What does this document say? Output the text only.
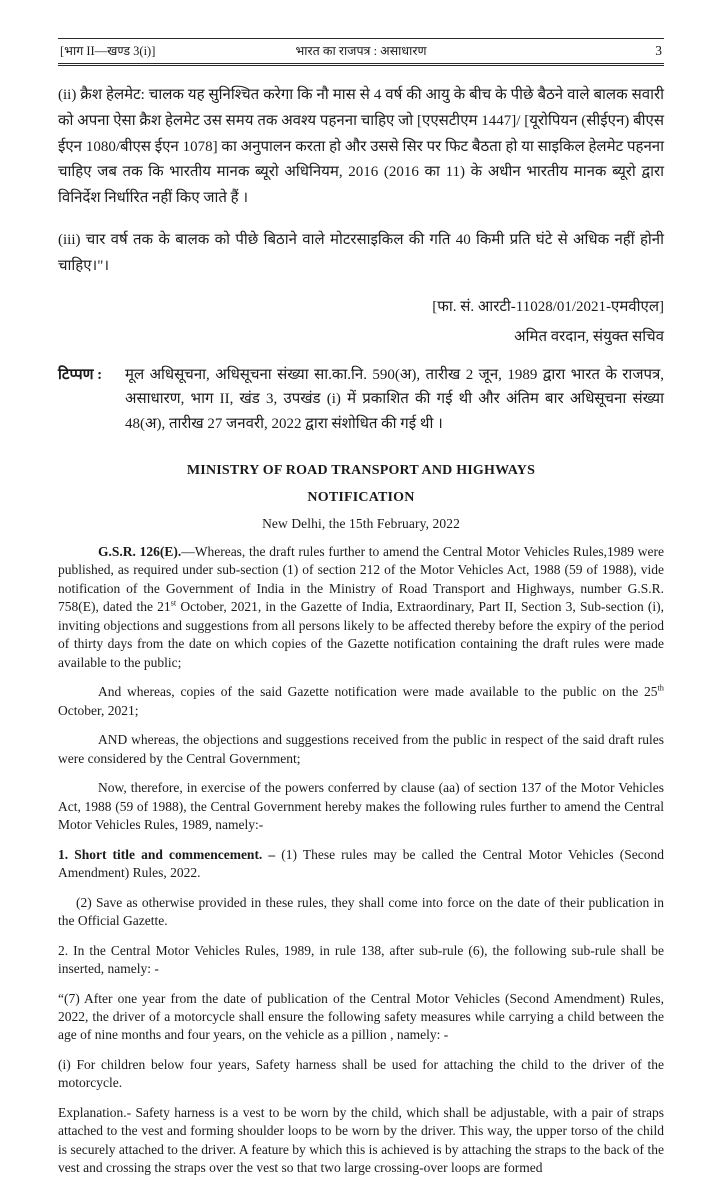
[भाग II—खण्ड 3(i)]	भारत का राजपत्र : असाधारण	3

(ii) क्रैश हेलमेट: चालक यह सुनिश्चित करेगा कि नौ मास से 4 वर्ष की आयु के बीच के पीछे बैठने वाले बालक सवारी को अपना ऐसा क्रैश हेलमेट उस समय तक अवश्य पहनना चाहिए जो [एएसटीएम 1447]/ [यूरोपियन (सीईएन) बीएस ईएन 1080/बीएस ईएन 1078] का अनुपालन करता हो और उससे सिर पर फिट बैठता हो या साइकिल हेलमेट पहनना चाहिए जब तक कि भारतीय मानक ब्यूरो अधिनियम, 2016 (2016 का 11) के अधीन भारतीय मानक ब्यूरो द्वारा विनिर्देश निर्धारित नहीं किए जाते हैं ।

(iii) चार वर्ष तक के बालक को पीछे बिठाने वाले मोटरसाइकिल की गति 40 किमी प्रति घंटे से अधिक नहीं होनी चाहिए।"।

[फा. सं. आरटी-11028/01/2021-एमवीएल]
अमित वरदान, संयुक्त सचिव
टिप्पण :	मूल अधिसूचना, अधिसूचना संख्या सा.का.नि. 590(अ), तारीख 2 जून, 1989 द्वारा भारत के राजपत्र, असाधारण, भाग II, खंड 3, उपखंड (i) में प्रकाशित की गई थी और अंतिम बार अधिसूचना संख्या 48(अ), तारीख 27 जनवरी, 2022 द्वारा संशोधित की गई थी ।
MINISTRY OF ROAD TRANSPORT AND HIGHWAYS
NOTIFICATION
New Delhi, the 15th February, 2022

G.S.R. 126(E).—Whereas, the draft rules further to amend the Central Motor Vehicles Rules,1989 were published, as required under sub-section (1) of section 212 of the Motor Vehicles Act, 1988 (59 of 1988), vide notification of the Government of India in the Ministry of Road Transport and Highways, number G.S.R. 758(E), dated the 21st October, 2021, in the Gazette of India, Extraordinary, Part II, Section 3, Sub-section (i), inviting objections and suggestions from all persons likely to be affected thereby before the expiry of the period of thirty days from the date on which copies of the Gazette notification containing the draft rules were made available to the public;

And whereas, copies of the said Gazette notification were made available to the public on the 25th October, 2021;

AND whereas, the objections and suggestions received from the public in respect of the said draft rules were considered by the Central Government;

Now, therefore, in exercise of the powers conferred by clause (aa) of section 137 of the Motor Vehicles Act, 1988 (59 of 1988), the Central Government hereby makes the following rules further to amend the Central Motor Vehicles Rules, 1989, namely:-

1. Short title and commencement. – (1) These rules may be called the Central Motor Vehicles (Second Amendment) Rules, 2022.

(2) Save as otherwise provided in these rules, they shall come into force on the date of their publication in the Official Gazette.

2. In the Central Motor Vehicles Rules, 1989, in rule 138, after sub-rule (6), the following sub-rule shall be inserted, namely: -

“(7) After one year from the date of publication of the Central Motor Vehicles (Second Amendment) Rules, 2022, the driver of a motorcycle shall ensure the following safety measures while carrying a child between the age of nine months and four years, on the vehicle as a pillion , namely: -

(i) For children below four years, Safety harness shall be used for attaching the child to the driver of the motorcycle.

Explanation.- Safety harness is a vest to be worn by the child, which shall be adjustable, with a pair of straps attached to the vest and forming shoulder loops to be worn by the driver. This way, the upper torso of the child is securely attached to the driver. A feature by which this is achieved is by attaching the straps to the back of the vest and crossing the straps over the vest so that two large crossing-over loops are formed
